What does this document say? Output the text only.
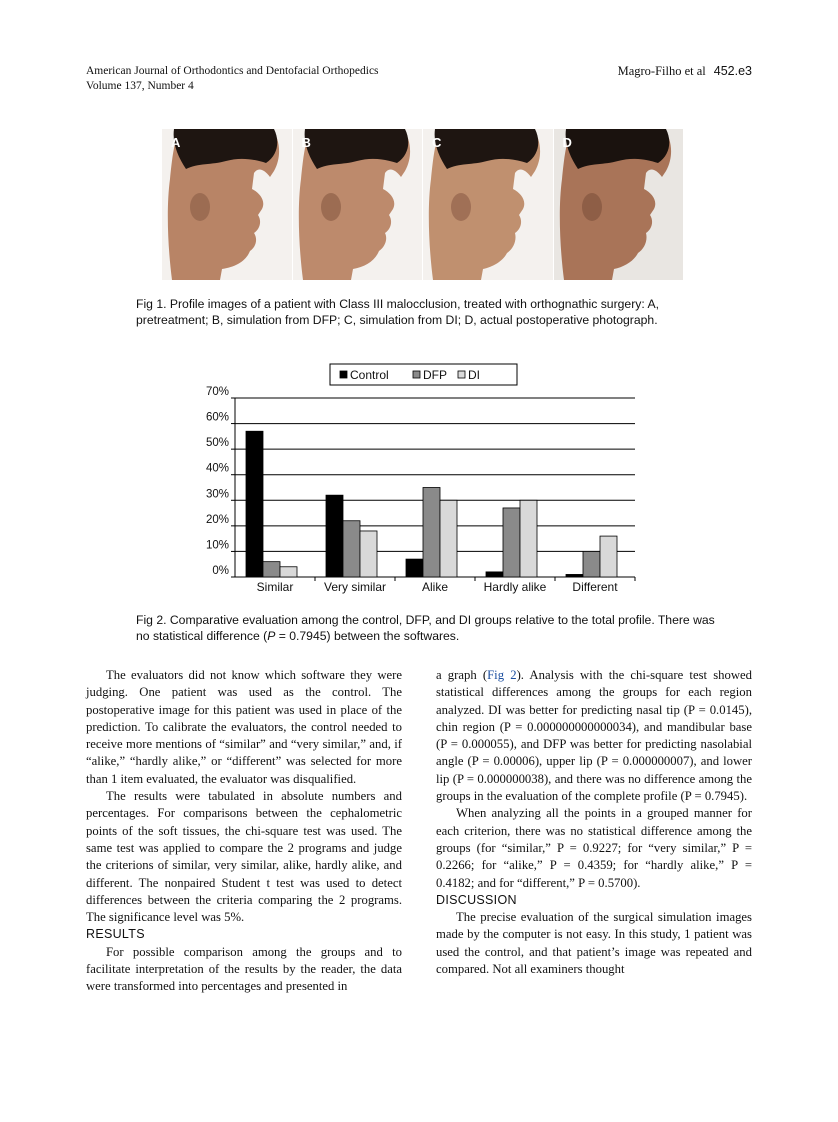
American Journal of Orthodontics and Dentofacial Orthopedics
Volume 137, Number 4
Magro-Filho et al 452.e3
A	B	C	D
Fig 1. Profile images of a patient with Class III malocclusion, treated with orthognathic surgery: A, pretreatment; B, simulation from DFP; C, simulation from DI; D, actual postoperative photograph.
0%
10%
20%
30%
40%
50%
60%
70%
Similar	Very similar	Alike	Hardly alike Different
Control	DFP DI
Fig 2. Comparative evaluation among the control, DFP, and DI groups relative to the total profile. There was no statistical difference (P = 0.7945) between the softwares.

The evaluators did not know which software they were judging. One patient was used as the control. The postoperative image for this patient was used in place of the prediction. To calibrate the evaluators, the control needed to receive more mentions of “similar” and “very similar,” and, if “alike,” “hardly alike,” or “different” was selected for more than 1 item evaluated, the evaluator was disqualified.

The results were tabulated in absolute numbers and percentages. For comparisons between the cephalometric points of the soft tissues, the chi-square test was used. The same test was applied to compare the 2 programs and judge the criterions of similar, very similar, alike, hardly alike, and different. The nonpaired Student t test was used to detect differences between the criteria comparing the 2 programs. The significance level was 5%.

RESULTS

For possible comparison among the groups and to facilitate interpretation of the results by the reader, the data were transformed into percentages and presented in

a graph (Fig 2). Analysis with the chi-square test showed statistical differences among the groups for each region analyzed. DI was better for predicting nasal tip (P = 0.0145), chin region (P = 0.000000000000034), and mandibular base (P = 0.000055), and DFP was better for predicting nasolabial angle (P = 0.00006), upper lip (P = 0.000000007), and lower lip (P = 0.000000038), and there was no difference among the groups in the evaluation of the complete profile (P = 0.7945).

When analyzing all the points in a grouped manner for each criterion, there was no statistical difference among the groups (for “similar,” P = 0.9227; for “very similar,” P = 0.2266; for “alike,” P = 0.4359; for “hardly alike,” P = 0.4182; and for “different,” P = 0.5700).

DISCUSSION

The precise evaluation of the surgical simulation images made by the computer is not easy. In this study, 1 patient was used the control, and that patient’s image was repeated and compared. Not all examiners thought
